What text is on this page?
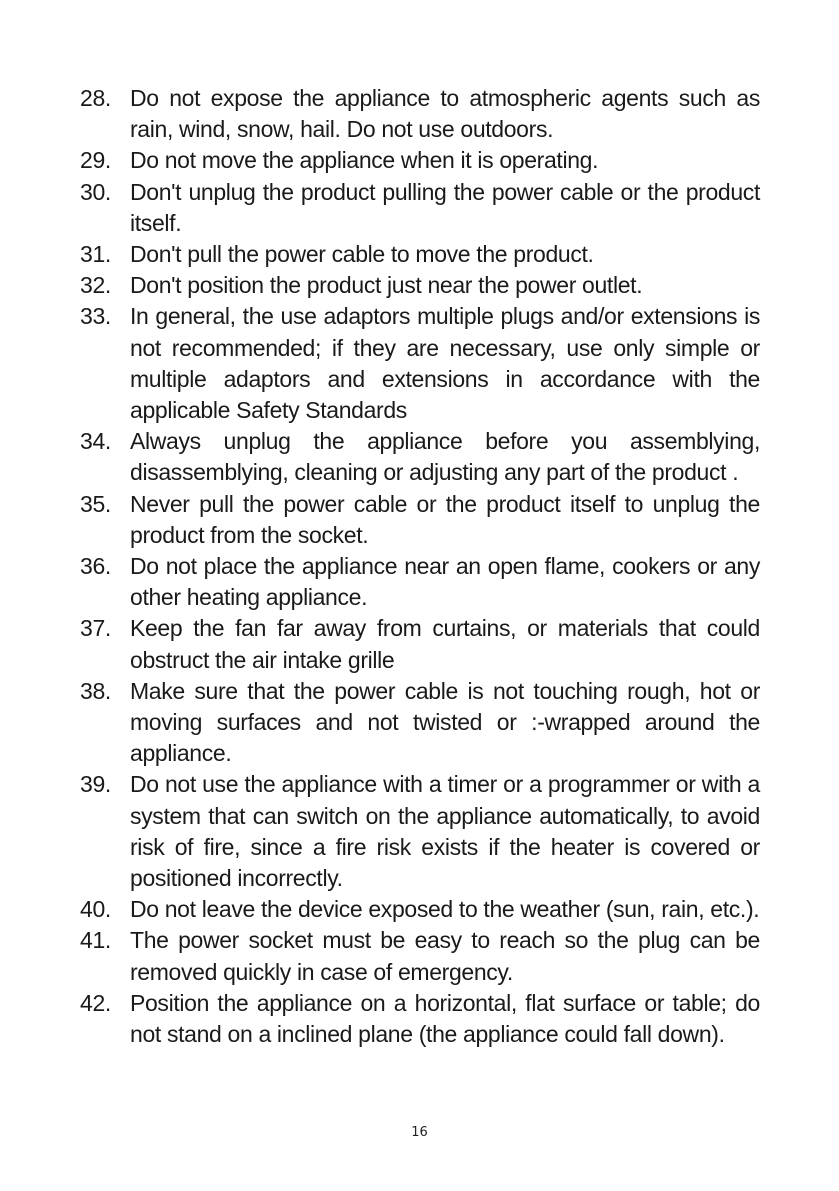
28. Do not expose the appliance to atmospheric agents such as rain, wind, snow, hail. Do not use outdoors.
29. Do not move the appliance when it is operating.
30. Don't unplug the product pulling the power cable or the product itself.
31. Don't pull the power cable to move the product.
32. Don't position the product just near the power outlet.
33. In general, the use adaptors multiple plugs and/or extensions is not recommended; if they are necessary, use only simple or multiple adaptors and extensions in accordance with the applicable Safety Standards
34. Always unplug the appliance before you assemblying, disassemblying, cleaning or adjusting any part of the product .
35. Never pull the power cable or the product itself to unplug the product from the socket.
36. Do not place the appliance near an open flame, cookers or any other heating appliance.
37. Keep the fan far away from curtains, or materials that could obstruct the air intake grille
38. Make sure that the power cable is not touching rough, hot or moving surfaces and not twisted or :-wrapped around the appliance.
39. Do not use the appliance with a timer or a programmer or with a system that can switch on the appliance automatically, to avoid risk of fire, since a fire risk exists if the heater is covered or positioned incorrectly.
40. Do not leave the device exposed to the weather (sun, rain, etc.).
41. The power socket must be easy to reach so the plug can be removed quickly in case of emergency.
42. Position the appliance on a horizontal, flat surface or table; do not stand on a inclined plane (the appliance could fall down).
16
